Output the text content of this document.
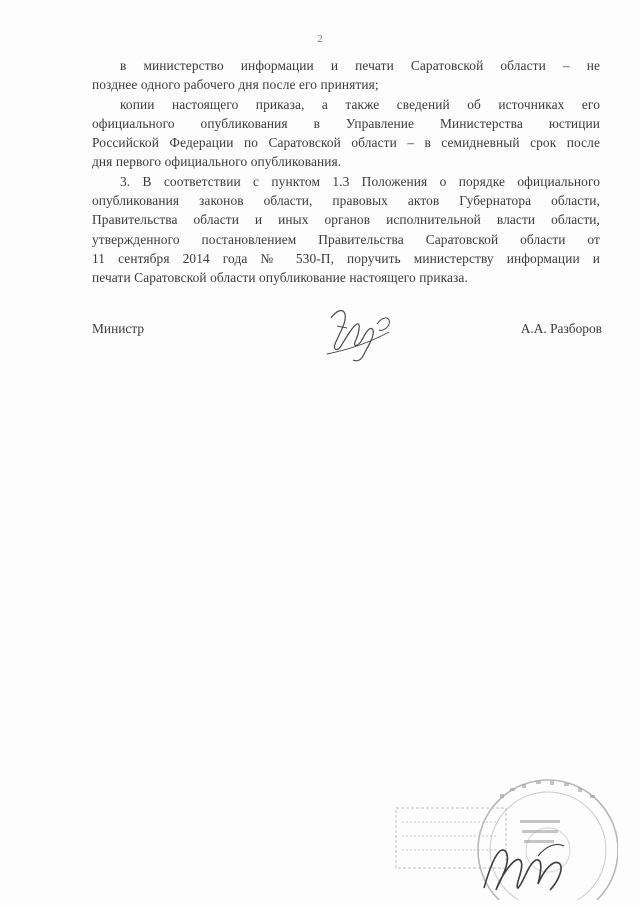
2

в министерство информации и печати Саратовской области – не
позднее одного рабочего дня после его принятия;

копии настоящего приказа, а также сведений об источниках его
официального опубликования в Управление Министерства юстиции
Российской Федерации по Саратовской области – в семидневный срок после
дня первого официального опубликования.

3. В соответствии с пунктом 1.3 Положения о порядке официального
опубликования законов области, правовых актов Губернатора области,
Правительства области и иных органов исполнительной власти области,
утвержденного постановлением Правительства Саратовской области от
11 сентября 2014 года № 530-П, поручить министерству информации и
печати Саратовской области опубликование настоящего приказа.

Министр	А.А. Разборов
